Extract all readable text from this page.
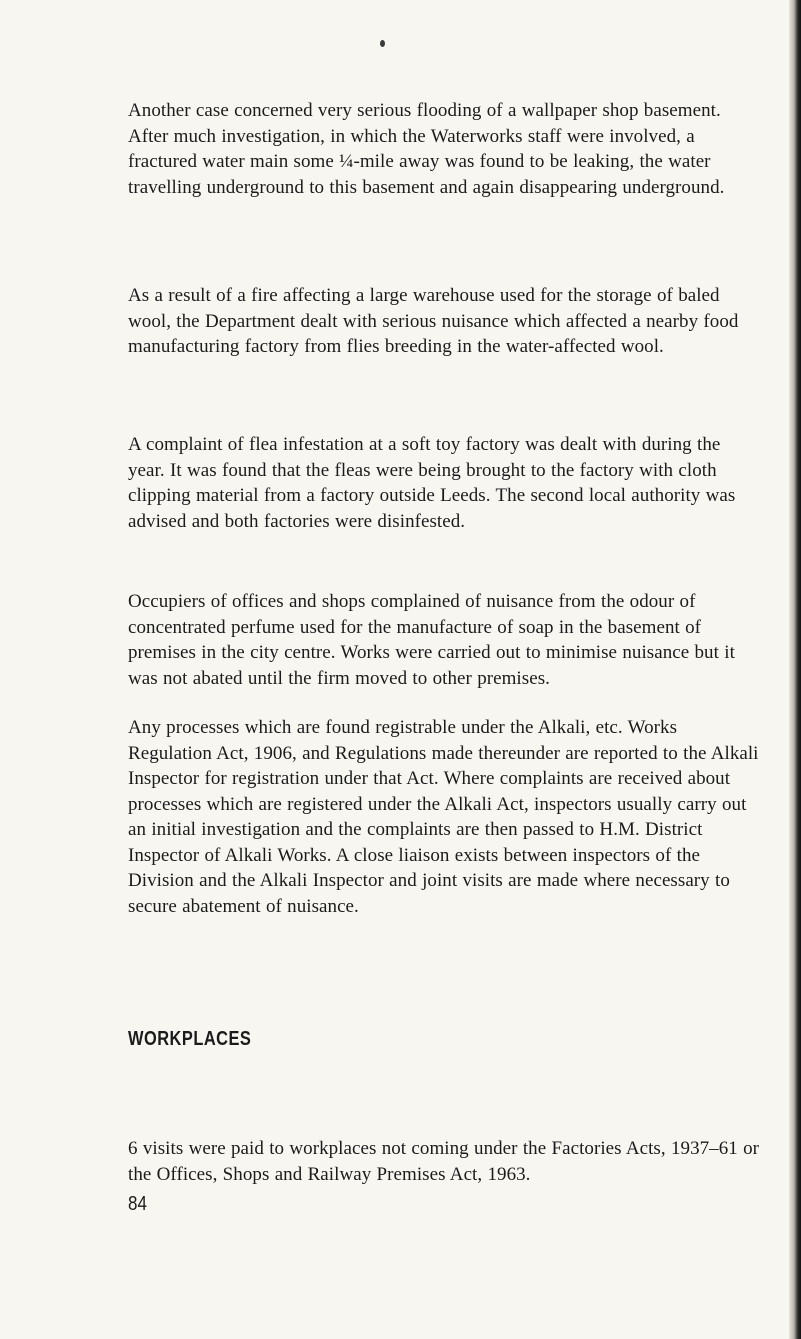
Another case concerned very serious flooding of a wallpaper shop basement. After much investigation, in which the Waterworks staff were involved, a fractured water main some ¼-mile away was found to be leaking, the water travelling underground to this basement and again disappearing underground.

As a result of a fire affecting a large warehouse used for the storage of baled wool, the Department dealt with serious nuisance which affected a nearby food manufacturing factory from flies breeding in the water-affected wool.

A complaint of flea infestation at a soft toy factory was dealt with during the year. It was found that the fleas were being brought to the factory with cloth clipping material from a factory outside Leeds. The second local authority was advised and both factories were disinfested.

Occupiers of offices and shops complained of nuisance from the odour of concentrated perfume used for the manufacture of soap in the basement of premises in the city centre. Works were carried out to minimise nuisance but it was not abated until the firm moved to other premises.

Any processes which are found registrable under the Alkali, etc. Works Regulation Act, 1906, and Regulations made thereunder are reported to the Alkali Inspector for registration under that Act. Where complaints are received about processes which are registered under the Alkali Act, inspectors usually carry out an initial investigation and the complaints are then passed to H.M. District Inspector of Alkali Works. A close liaison exists between inspectors of the Division and the Alkali Inspector and joint visits are made where necessary to secure abatement of nuisance.

WORKPLACES

6 visits were paid to workplaces not coming under the Factories Acts, 1937–61 or the Offices, Shops and Railway Premises Act, 1963.

84
